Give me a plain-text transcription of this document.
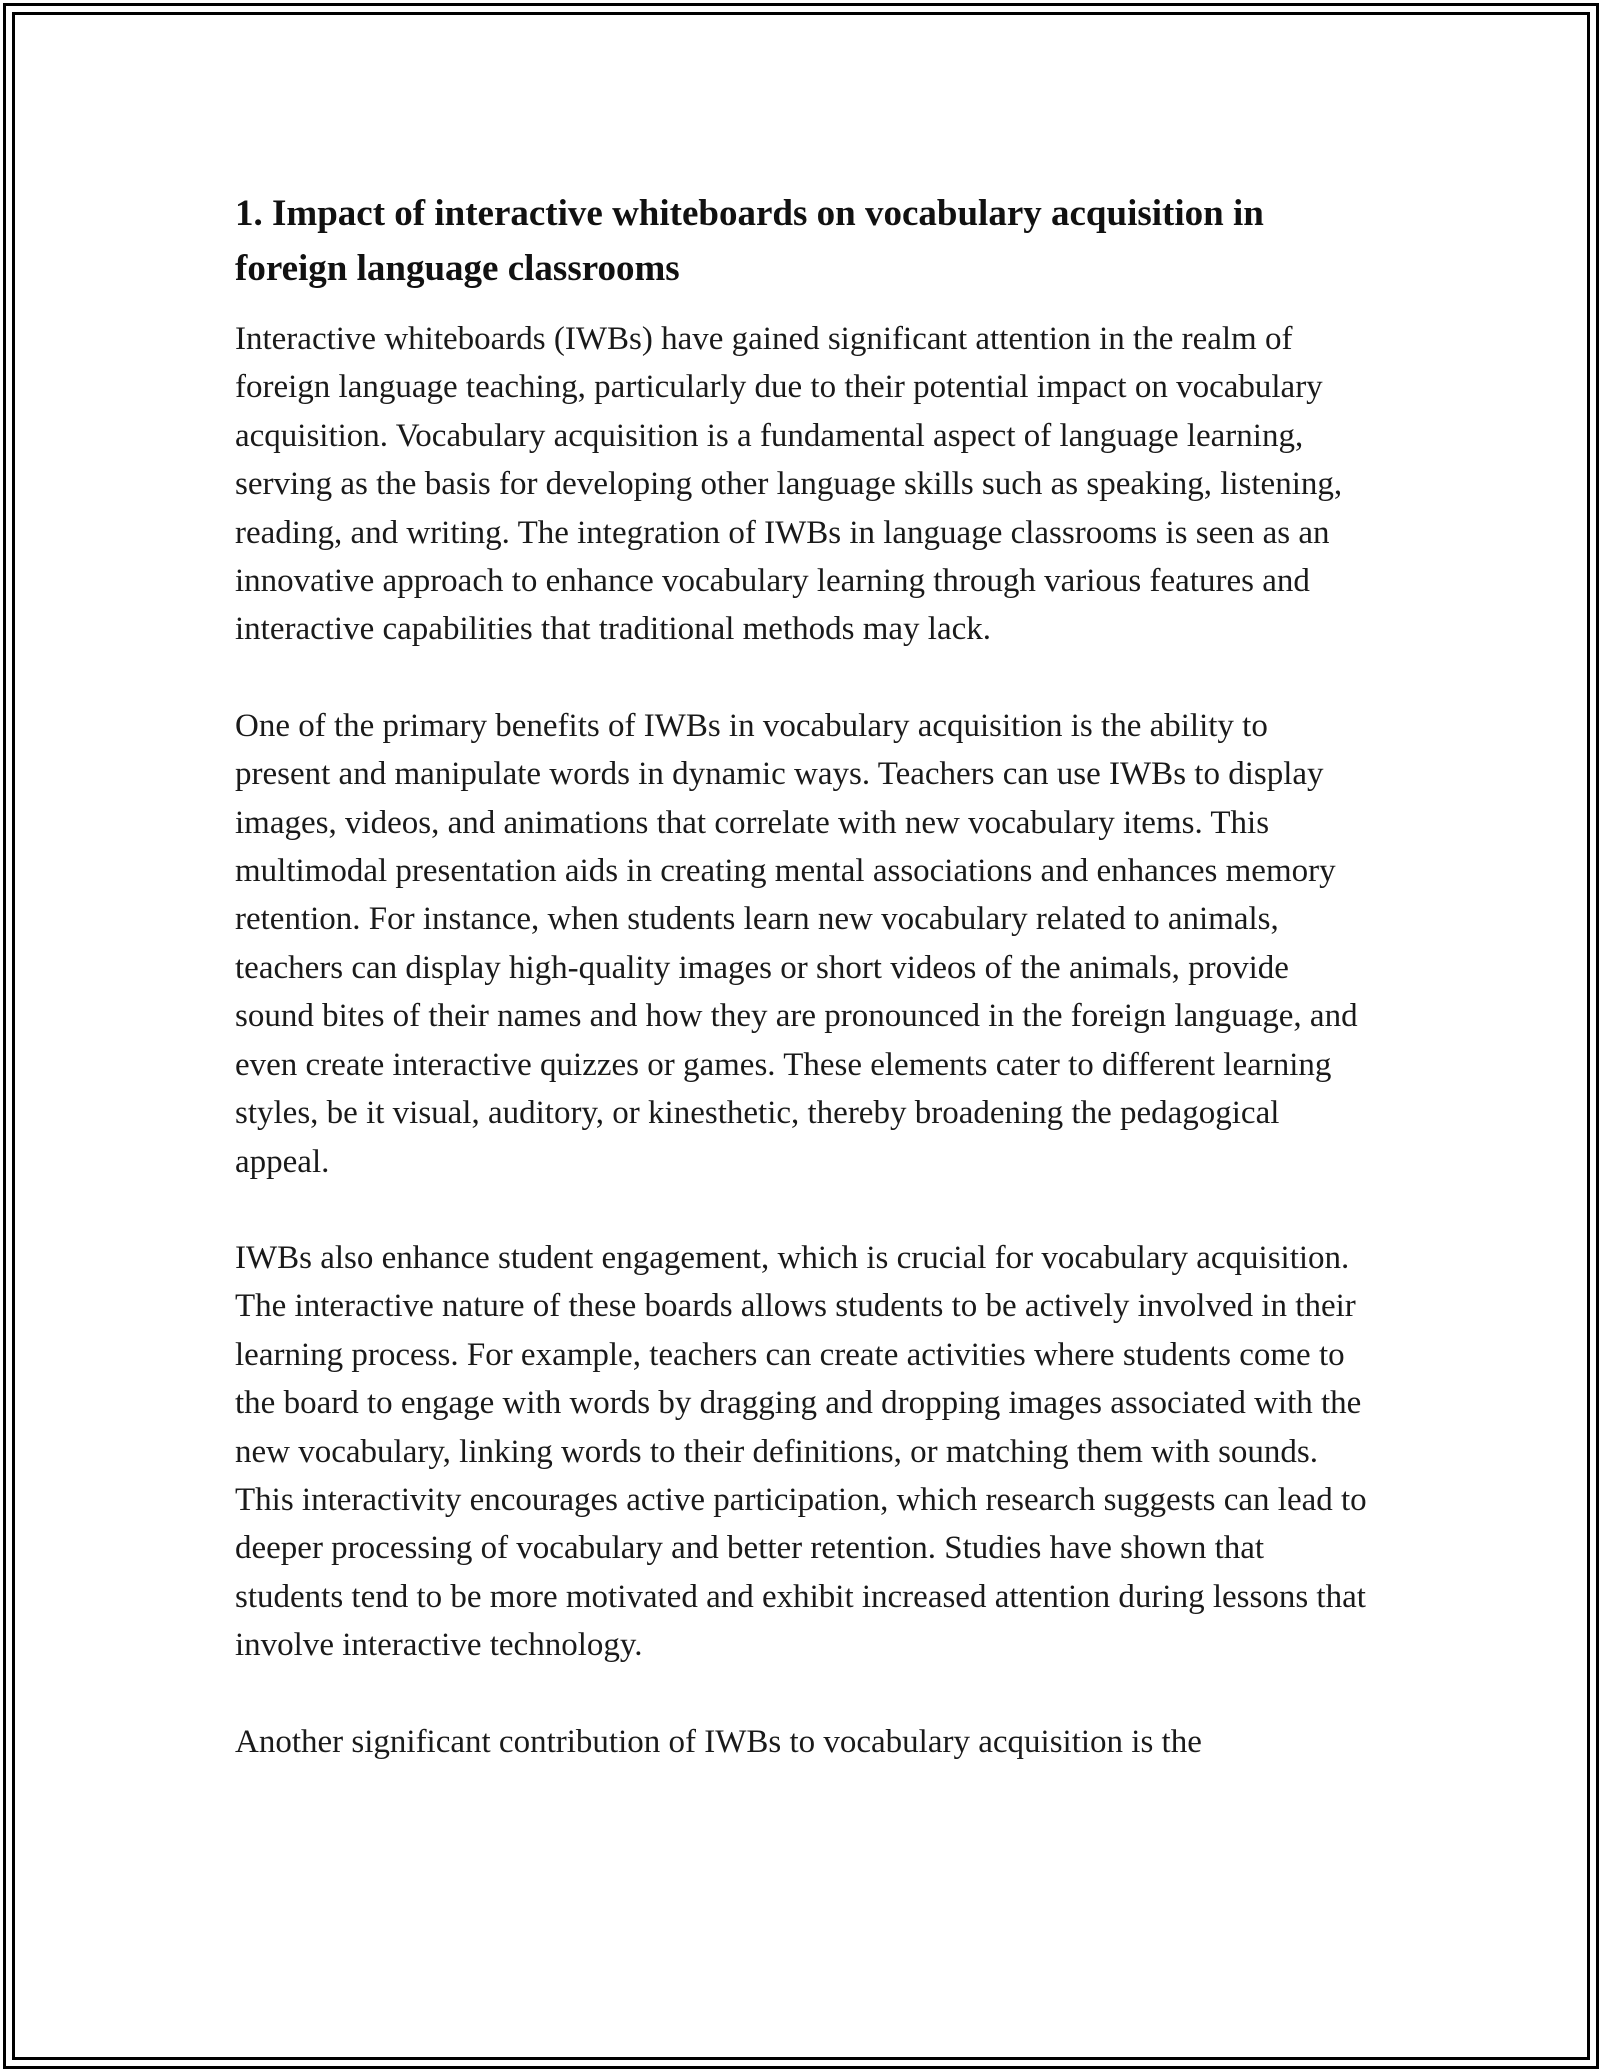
1. Impact of interactive whiteboards on vocabulary acquisition in foreign language classrooms

Interactive whiteboards (IWBs) have gained significant attention in the realm of foreign language teaching, particularly due to their potential impact on vocabulary acquisition. Vocabulary acquisition is a fundamental aspect of language learning, serving as the basis for developing other language skills such as speaking, listening, reading, and writing. The integration of IWBs in language classrooms is seen as an innovative approach to enhance vocabulary learning through various features and interactive capabilities that traditional methods may lack.

One of the primary benefits of IWBs in vocabulary acquisition is the ability to present and manipulate words in dynamic ways. Teachers can use IWBs to display images, videos, and animations that correlate with new vocabulary items. This multimodal presentation aids in creating mental associations and enhances memory retention. For instance, when students learn new vocabulary related to animals, teachers can display high-quality images or short videos of the animals, provide sound bites of their names and how they are pronounced in the foreign language, and even create interactive quizzes or games. These elements cater to different learning styles, be it visual, auditory, or kinesthetic, thereby broadening the pedagogical appeal.

IWBs also enhance student engagement, which is crucial for vocabulary acquisition. The interactive nature of these boards allows students to be actively involved in their learning process. For example, teachers can create activities where students come to the board to engage with words by dragging and dropping images associated with the new vocabulary, linking words to their definitions, or matching them with sounds. This interactivity encourages active participation, which research suggests can lead to deeper processing of vocabulary and better retention. Studies have shown that students tend to be more motivated and exhibit increased attention during lessons that involve interactive technology.

Another significant contribution of IWBs to vocabulary acquisition is the
